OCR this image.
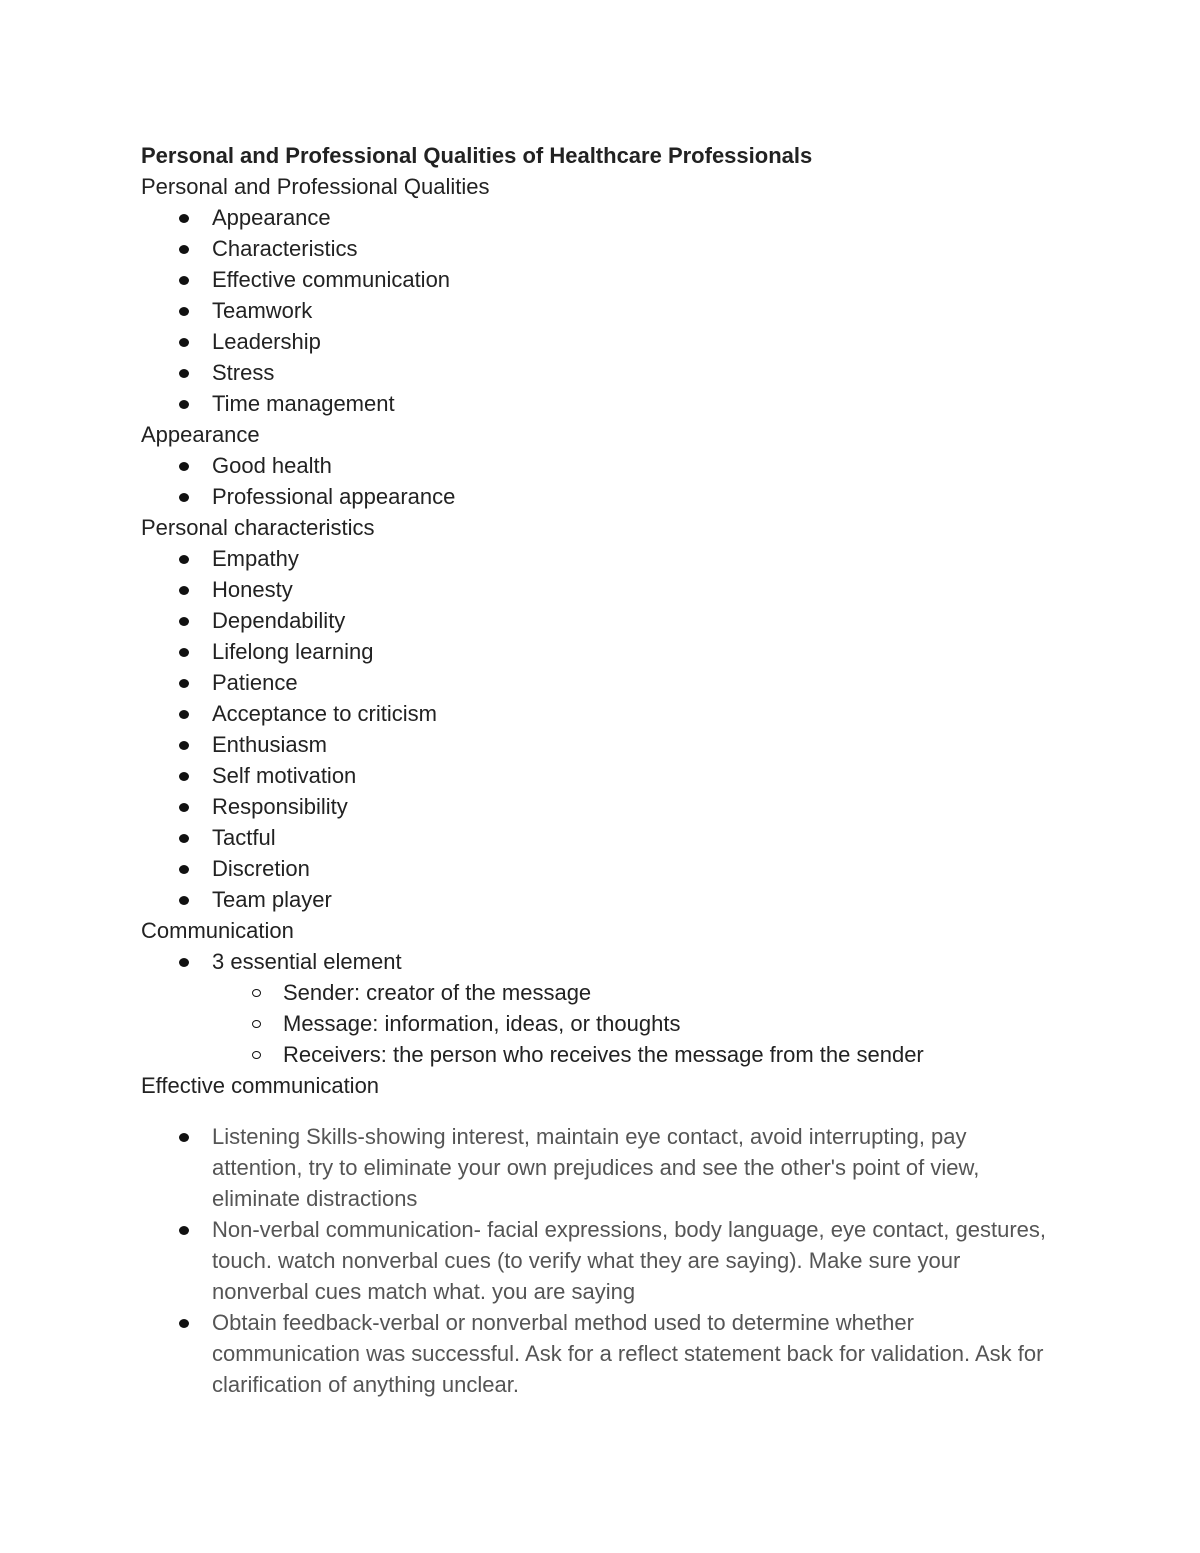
Personal and Professional Qualities of Healthcare Professionals

Personal and Professional Qualities

Appearance
Characteristics
Effective communication
Teamwork
Leadership
Stress
Time management

Appearance

Good health
Professional appearance

Personal characteristics

Empathy
Honesty
Dependability
Lifelong learning
Patience
Acceptance to criticism
Enthusiasm
Self motivation
Responsibility
Tactful
Discretion
Team player

Communication

3 essential element
Sender: creator of the message
Message: information, ideas, or thoughts
Receivers: the person who receives the message from the sender

Effective communication

Listening Skills-showing interest, maintain eye contact, avoid interrupting, pay attention, try to eliminate your own prejudices and see the other's point of view, eliminate distractions
Non-verbal communication- facial expressions, body language, eye contact, gestures, touch. watch nonverbal cues (to verify what they are saying). Make sure your nonverbal cues match what. you are saying
Obtain feedback-verbal or nonverbal method used to determine whether communication was successful. Ask for a reflect statement back for validation. Ask for clarification of anything unclear.
